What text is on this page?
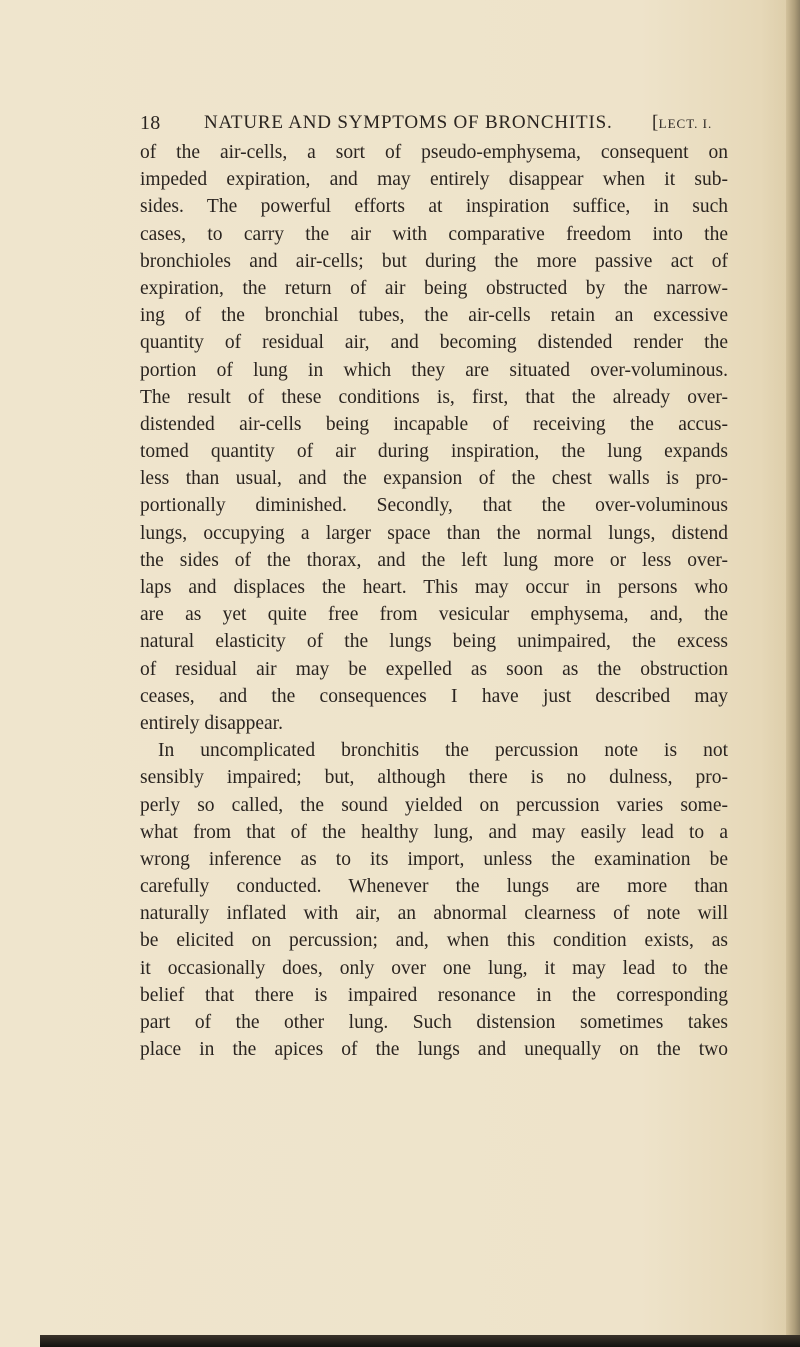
18 NATURE AND SYMPTOMS OF BRONCHITIS. [LECT. I.
of the air-cells, a sort of pseudo-emphysema, consequent on
impeded expiration, and may entirely disappear when it sub-
sides. The powerful efforts at inspiration suffice, in such
cases, to carry the air with comparative freedom into the
bronchioles and air-cells; but during the more passive act of
expiration, the return of air being obstructed by the narrow-
ing of the bronchial tubes, the air-cells retain an excessive
quantity of residual air, and becoming distended render the
portion of lung in which they are situated over-voluminous.
The result of these conditions is, first, that the already over-
distended air-cells being incapable of receiving the accus-
tomed quantity of air during inspiration, the lung expands
less than usual, and the expansion of the chest walls is pro-
portionally diminished. Secondly, that the over-voluminous
lungs, occupying a larger space than the normal lungs, distend
the sides of the thorax, and the left lung more or less over-
laps and displaces the heart. This may occur in persons who
are as yet quite free from vesicular emphysema, and, the
natural elasticity of the lungs being unimpaired, the excess
of residual air may be expelled as soon as the obstruction
ceases, and the consequences I have just described may
entirely disappear.
In uncomplicated bronchitis the percussion note is not
sensibly impaired; but, although there is no dulness, pro-
perly so called, the sound yielded on percussion varies some-
what from that of the healthy lung, and may easily lead to a
wrong inference as to its import, unless the examination be
carefully conducted. Whenever the lungs are more than
naturally inflated with air, an abnormal clearness of note will
be elicited on percussion; and, when this condition exists, as
it occasionally does, only over one lung, it may lead to the
belief that there is impaired resonance in the corresponding
part of the other lung. Such distension sometimes takes
place in the apices of the lungs and unequally on the two
